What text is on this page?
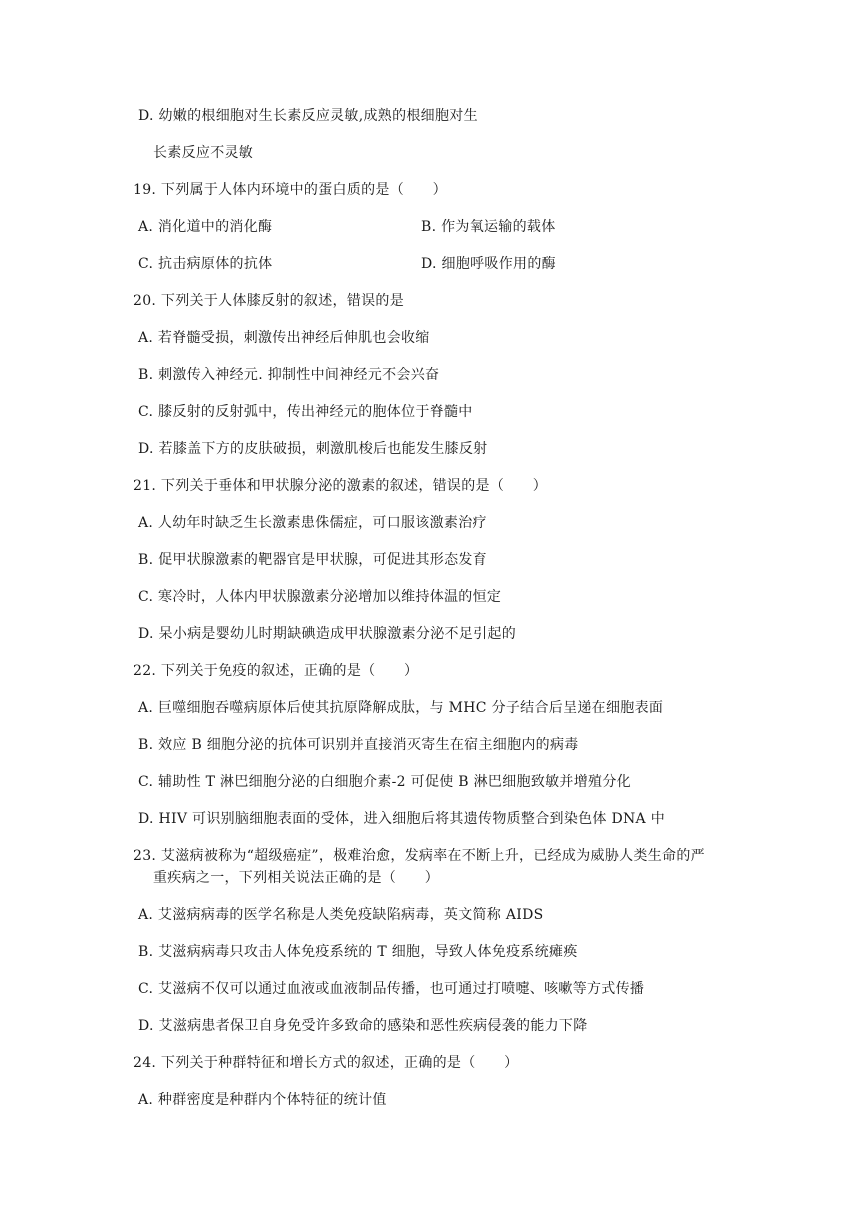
D. 幼嫩的根细胞对生长素反应灵敏,成熟的根细胞对生
长素反应不灵敏
19. 下列属于人体内环境中的蛋白质的是（　　）
A. 消化道中的消化酶	B. 作为氧运输的载体
C. 抗击病原体的抗体	D. 细胞呼吸作用的酶
20. 下列关于人体膝反射的叙述，错误的是
A. 若脊髓受损，刺激传出神经后伸肌也会收缩
B. 刺激传入神经元. 抑制性中间神经元不会兴奋
C. 膝反射的反射弧中，传出神经元的胞体位于脊髓中
D. 若膝盖下方的皮肤破损，刺激肌梭后也能发生膝反射
21. 下列关于垂体和甲状腺分泌的激素的叙述，错误的是（　　）
A. 人幼年时缺乏生长激素患侏儒症，可口服该激素治疗
B. 促甲状腺激素的靶器官是甲状腺，可促进其形态发育
C. 寒冷时，人体内甲状腺激素分泌增加以维持体温的恒定
D. 呆小病是婴幼儿时期缺碘造成甲状腺激素分泌不足引起的
22. 下列关于免疫的叙述，正确的是（　　）
A. 巨噬细胞吞噬病原体后使其抗原降解成肽，与 MHC 分子结合后呈递在细胞表面
B. 效应 B 细胞分泌的抗体可识别并直接消灭寄生在宿主细胞内的病毒
C. 辅助性 T 淋巴细胞分泌的白细胞介素-2 可促使 B 淋巴细胞致敏并增殖分化
D. HIV 可识别脑细胞表面的受体，进入细胞后将其遗传物质整合到染色体 DNA 中
23. 艾滋病被称为“超级癌症”，极难治愈，发病率在不断上升，已经成为威胁人类生命的严
重疾病之一，下列相关说法正确的是（　　）
A. 艾滋病病毒的医学名称是人类免疫缺陷病毒，英文简称 AIDS
B. 艾滋病病毒只攻击人体免疫系统的 T 细胞，导致人体免疫系统瘫痪
C. 艾滋病不仅可以通过血液或血液制品传播，也可通过打喷嚏、咳嗽等方式传播
D. 艾滋病患者保卫自身免受许多致命的感染和恶性疾病侵袭的能力下降
24. 下列关于种群特征和增长方式的叙述，正确的是（　　）
A. 种群密度是种群内个体特征的统计值
